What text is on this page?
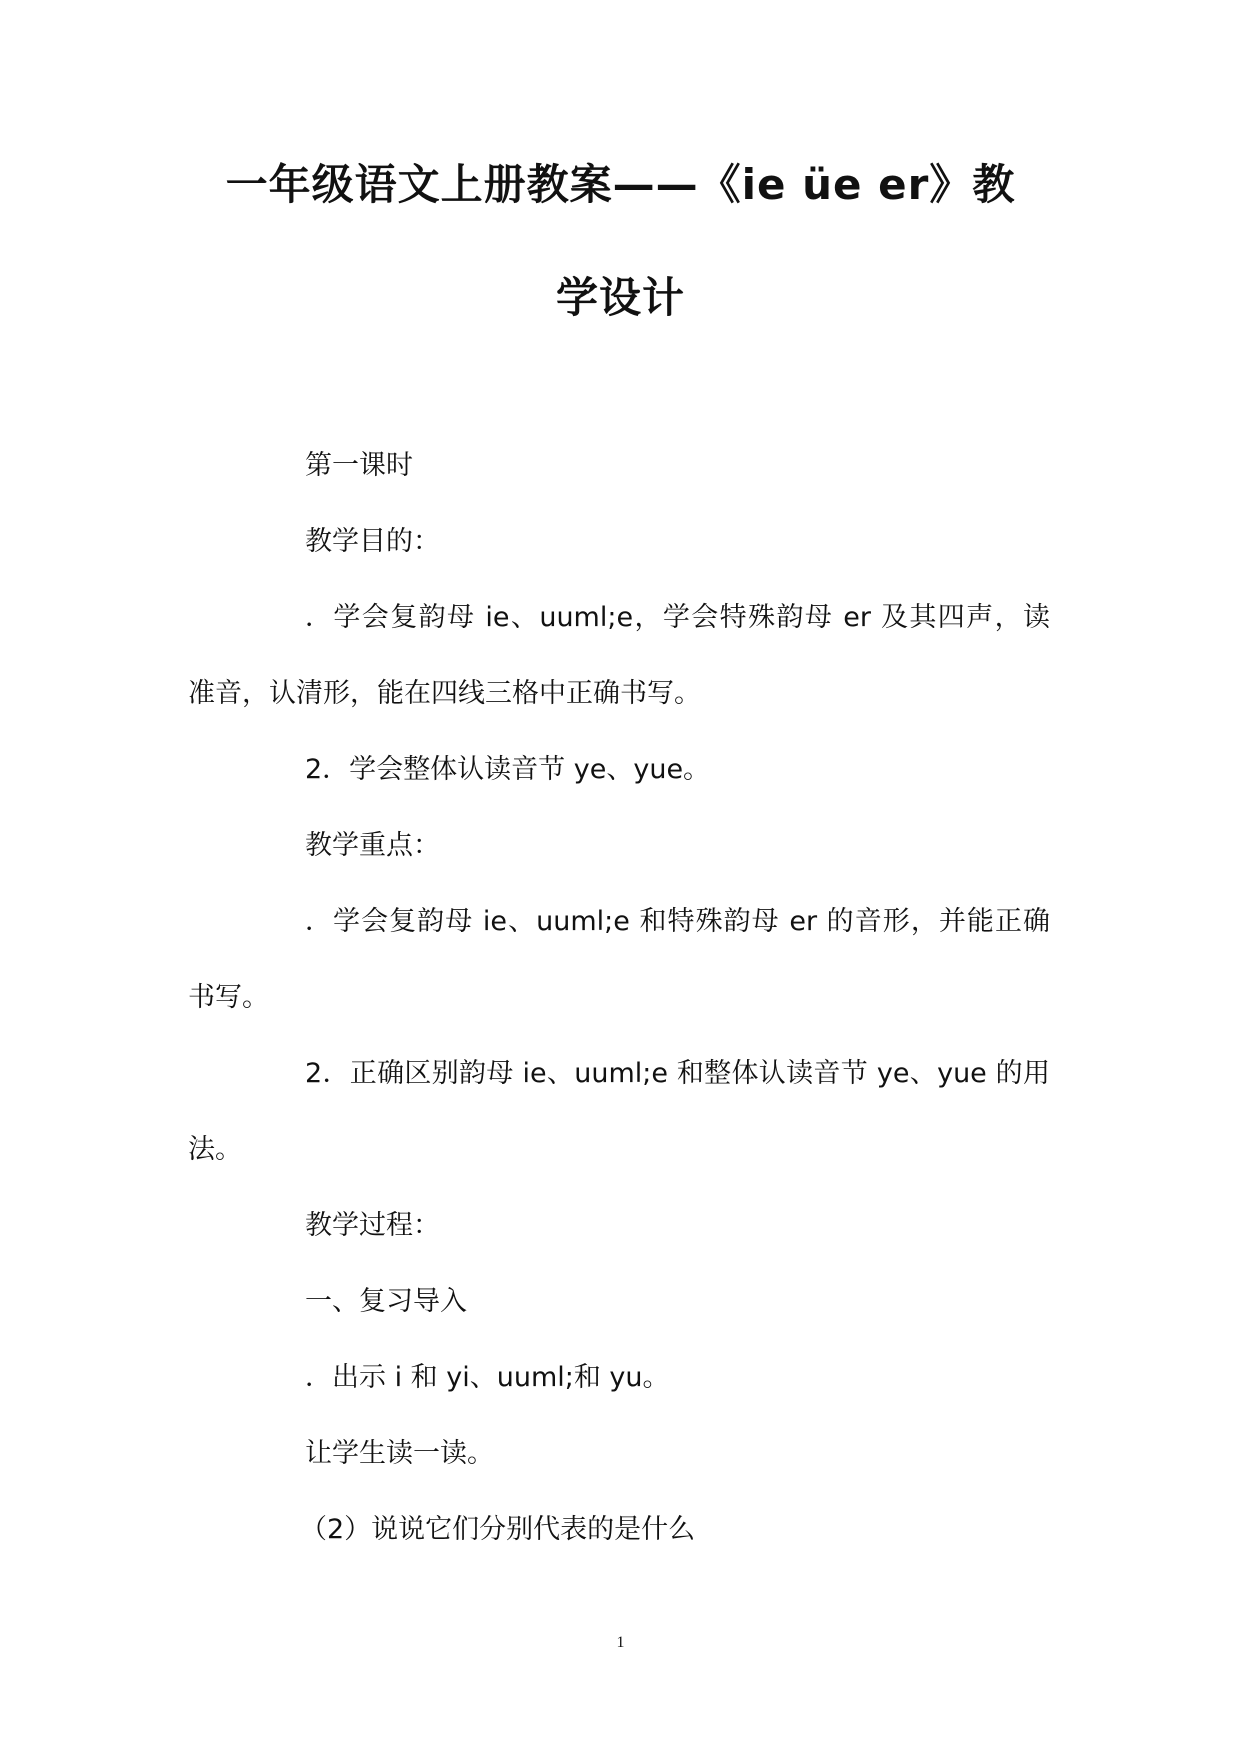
一年级语文上册教案——《ie üe er》教
学设计
第一课时
教学目的：
．学会复韵母 ie、uuml;e，学会特殊韵母 er 及其四声，读
准音，认清形，能在四线三格中正确书写。
2．学会整体认读音节 ye、yue。
教学重点：
．学会复韵母 ie、uuml;e 和特殊韵母 er 的音形，并能正确
书写。
2．正确区别韵母 ie、uuml;e 和整体认读音节 ye、yue 的用
法。
教学过程：
一、复习导入
．出示 i 和 yi、uuml;和 yu。
让学生读一读。
（2）说说它们分别代表的是什么
1
